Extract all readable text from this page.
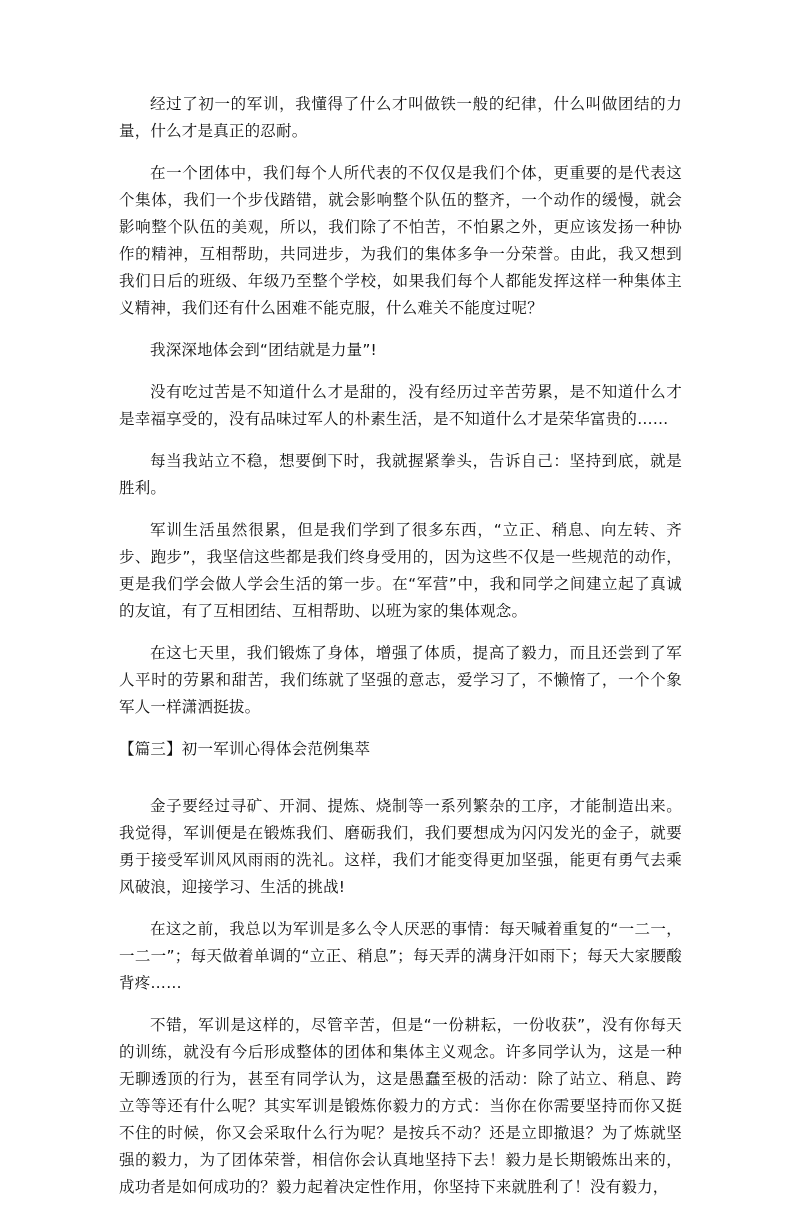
经过了初一的军训，我懂得了什么才叫做铁一般的纪律，什么叫做团结的力量，什么才是真正的忍耐。

在一个团体中，我们每个人所代表的不仅仅是我们个体，更重要的是代表这个集体，我们一个步伐踏错，就会影响整个队伍的整齐，一个动作的缓慢，就会影响整个队伍的美观，所以，我们除了不怕苦，不怕累之外，更应该发扬一种协作的精神，互相帮助，共同进步，为我们的集体多争一分荣誉。由此，我又想到我们日后的班级、年级乃至整个学校，如果我们每个人都能发挥这样一种集体主义精神，我们还有什么困难不能克服，什么难关不能度过呢？

我深深地体会到“团结就是力量”!

没有吃过苦是不知道什么才是甜的，没有经历过辛苦劳累，是不知道什么才是幸福享受的，没有品味过军人的朴素生活，是不知道什么才是荣华富贵的……

每当我站立不稳，想要倒下时，我就握紧拳头，告诉自己：坚持到底，就是胜利。

军训生活虽然很累，但是我们学到了很多东西，“立正、稍息、向左转、齐步、跑步”，我坚信这些都是我们终身受用的，因为这些不仅是一些规范的动作，更是我们学会做人学会生活的第一步。在“军营”中，我和同学之间建立起了真诚的友谊，有了互相团结、互相帮助、以班为家的集体观念。

在这七天里，我们锻炼了身体，增强了体质，提高了毅力，而且还尝到了军人平时的劳累和甜苦，我们练就了坚强的意志，爱学习了，不懒惰了，一个个象军人一样潇洒挺拔。

【篇三】初一军训心得体会范例集萃

金子要经过寻矿、开洞、提炼、烧制等一系列繁杂的工序，才能制造出来。我觉得，军训便是在锻炼我们、磨砺我们，我们要想成为闪闪发光的金子，就要勇于接受军训风风雨雨的洗礼。这样，我们才能变得更加坚强，能更有勇气去乘风破浪，迎接学习、生活的挑战!

在这之前，我总以为军训是多么令人厌恶的事情：每天喊着重复的“一二一，一二一”；每天做着单调的“立正、稍息”；每天弄的满身汗如雨下；每天大家腰酸背疼……

不错，军训是这样的，尽管辛苦，但是“一份耕耘，一份收获”，没有你每天的训练，就没有今后形成整体的团体和集体主义观念。许多同学认为，这是一种无聊透顶的行为，甚至有同学认为，这是愚蠢至极的活动：除了站立、稍息、跨立等等还有什么呢？其实军训是锻炼你毅力的方式：当你在你需要坚持而你又挺不住的时候，你又会采取什么行为呢？是按兵不动？还是立即撤退？为了炼就坚强的毅力，为了团体荣誉，相信你会认真地坚持下去！毅力是长期锻炼出来的，成功者是如何成功的？毅力起着决定性作用，你坚持下来就胜利了！没有毅力，
